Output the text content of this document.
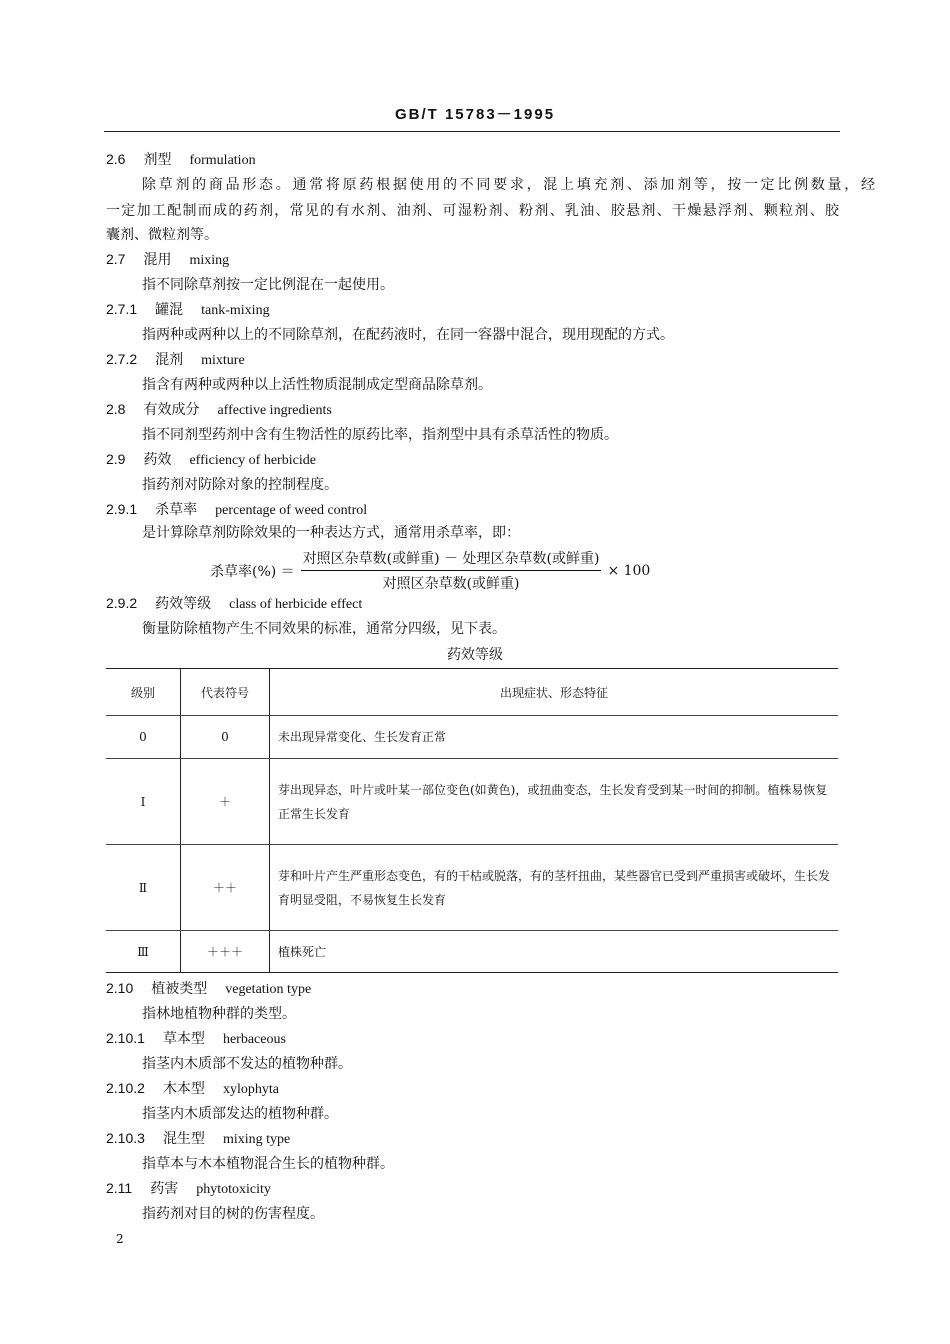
GB/T 15783－1995
2.6 剂型 formulation
除草剂的商品形态。通常将原药根据使用的不同要求，混上填充剂、添加剂等，按一定比例数量，经
一定加工配制而成的药剂，常见的有水剂、油剂、可湿粉剂、粉剂、乳油、胶悬剂、干燥悬浮剂、颗粒剂、胶
囊剂、微粒剂等。
2.7 混用 mixing
指不同除草剂按一定比例混在一起使用。
2.7.1 罐混 tank-mixing
指两种或两种以上的不同除草剂，在配药液时，在同一容器中混合，现用现配的方式。
2.7.2 混剂 mixture
指含有两种或两种以上活性物质混制成定型商品除草剂。
2.8 有效成分 affective ingredients
指不同剂型药剂中含有生物活性的原药比率，指剂型中具有杀草活性的物质。
2.9 药效 efficiency of herbicide
指药剂对防除对象的控制程度。
2.9.1 杀草率 percentage of weed control
是计算除草剂防除效果的一种表达方式，通常用杀草率，即：
杀草率(%) ＝ $\frac{\text{对照区杂草数(或鲜重) － 处理区杂草数(或鲜重)}}{\text{对照区杂草数(或鲜重)}} \times 100$
2.9.2 药效等级 class of herbicide effect
衡量防除植物产生不同效果的标准，通常分四级，见下表。
药效等级
级别	代表符号	出现症状、形态特征
0	0	未出现异常变化、生长发育正常
Ⅰ	＋	芽出现异态，叶片或叶某一部位变色(如黄色)，或扭曲变态，生长发育受到某一时间的抑制。植株易恢复正常生长发育
Ⅱ	＋＋	芽和叶片产生严重形态变色，有的干枯或脱落，有的茎杆扭曲，某些器官已受到严重损害或破坏，生长发育明显受阻，不易恢复生长发育
Ⅲ	＋＋＋	植株死亡
2.10 植被类型 vegetation type
指林地植物种群的类型。
2.10.1 草本型 herbaceous
指茎内木质部不发达的植物种群。
2.10.2 木本型 xylophyta
指茎内木质部发达的植物种群。
2.10.3 混生型 mixing type
指草本与木本植物混合生长的植物种群。
2.11 药害 phytotoxicity
指药剂对目的树的伤害程度。
2
